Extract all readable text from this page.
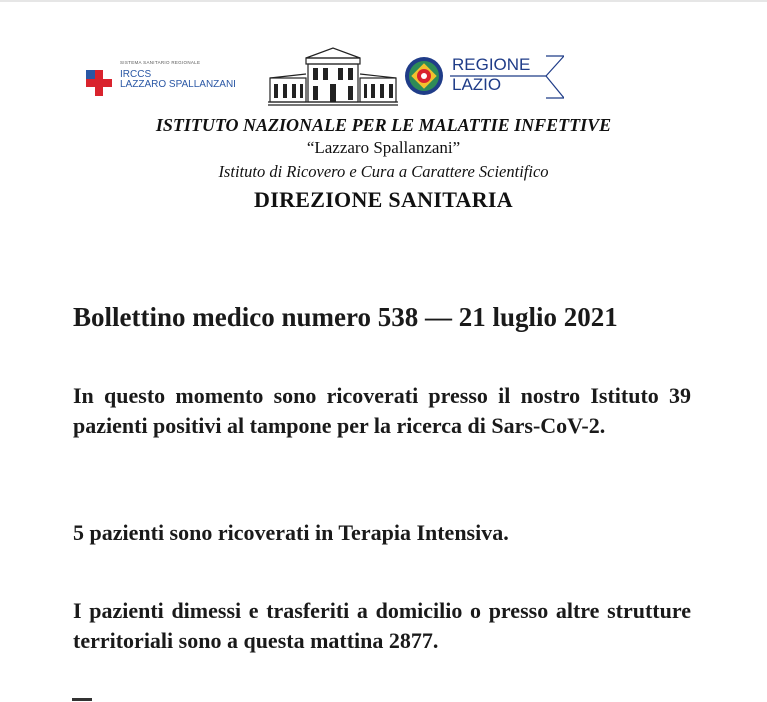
SISTEMA SANITARIO REGIONALE
IRCCS
LAZZARO SPALLANZANI
REGIONE
LAZIO
ISTITUTO NAZIONALE PER LE MALATTIE INFETTIVE
“Lazzaro Spallanzani”
Istituto di Ricovero e Cura a Carattere Scientifico
DIREZIONE SANITARIA
Bollettino medico numero 538 — 21 luglio 2021
In questo momento sono ricoverati presso il nostro Istituto 39 pazienti positivi al tampone per la ricerca di Sars-CoV-2.
5 pazienti sono ricoverati in Terapia Intensiva.
I pazienti dimessi e trasferiti a domicilio o presso altre strutture territoriali sono a questa mattina 2877.
